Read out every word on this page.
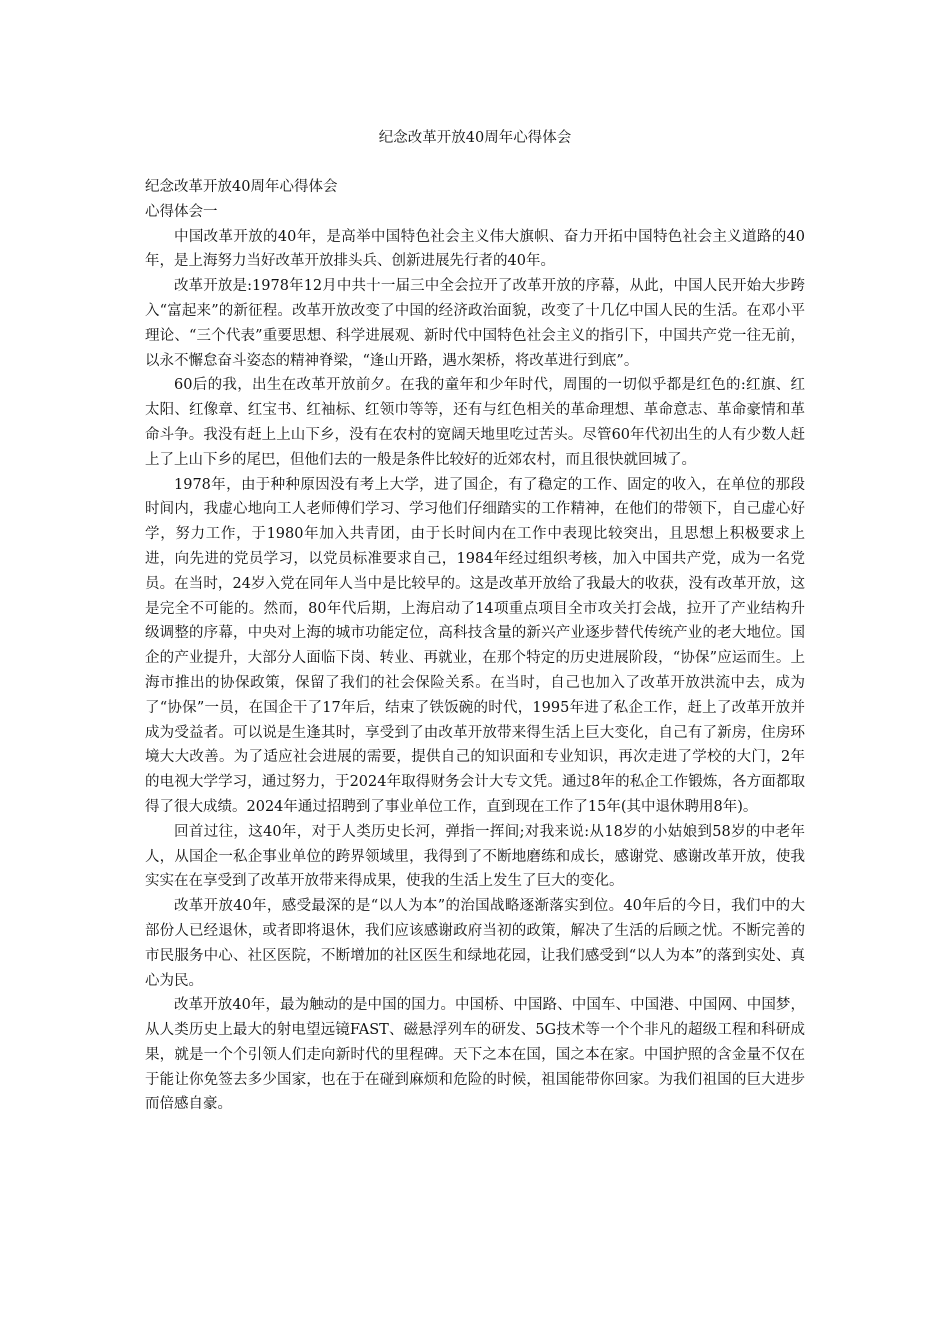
纪念改革开放40周年心得体会

纪念改革开放40周年心得体会

心得体会一

中国改革开放的40年，是高举中国特色社会主义伟大旗帜、奋力开拓中国特色社会主义道路的40年，是上海努力当好改革开放排头兵、创新进展先行者的40年。

改革开放是:1978年12月中共十一届三中全会拉开了改革开放的序幕，从此，中国人民开始大步跨入“富起来”的新征程。改革开放改变了中国的经济政治面貌，改变了十几亿中国人民的生活。在邓小平理论、“三个代表”重要思想、科学进展观、新时代中国特色社会主义的指引下，中国共产党一往无前，以永不懈怠奋斗姿态的精神脊梁，“逢山开路，遇水架桥，将改革进行到底”。

60后的我，出生在改革开放前夕。在我的童年和少年时代，周围的一切似乎都是红色的:红旗、红太阳、红像章、红宝书、红袖标、红领巾等等，还有与红色相关的革命理想、革命意志、革命豪情和革命斗争。我没有赶上上山下乡，没有在农村的宽阔天地里吃过苦头。尽管60年代初出生的人有少数人赶上了上山下乡的尾巴，但他们去的一般是条件比较好的近郊农村，而且很快就回城了。

1978年，由于种种原因没有考上大学，进了国企，有了稳定的工作、固定的收入，在单位的那段时间内，我虚心地向工人老师傅们学习、学习他们仔细踏实的工作精神，在他们的带领下，自己虚心好学，努力工作，于1980年加入共青团，由于长时间内在工作中表现比较突出，且思想上积极要求上进，向先进的党员学习，以党员标准要求自己，1984年经过组织考核，加入中国共产党，成为一名党员。在当时，24岁入党在同年人当中是比较早的。这是改革开放给了我最大的收获，没有改革开放，这是完全不可能的。然而，80年代后期，上海启动了14项重点项目全市攻关打会战，拉开了产业结构升级调整的序幕，中央对上海的城市功能定位，高科技含量的新兴产业逐步替代传统产业的老大地位。国企的产业提升，大部分人面临下岗、转业、再就业，在那个特定的历史进展阶段，“协保”应运而生。上海市推出的协保政策，保留了我们的社会保险关系。在当时，自己也加入了改革开放洪流中去，成为了“协保”一员，在国企干了17年后，结束了铁饭碗的时代，1995年进了私企工作，赶上了改革开放并成为受益者。可以说是生逢其时，享受到了由改革开放带来得生活上巨大变化，自己有了新房，住房环境大大改善。为了适应社会进展的需要，提供自己的知识面和专业知识，再次走进了学校的大门，2年的电视大学学习，通过努力，于2024年取得财务会计大专文凭。通过8年的私企工作锻炼，各方面都取得了很大成绩。2024年通过招聘到了事业单位工作，直到现在工作了15年(其中退休聘用8年)。

回首过往，这40年，对于人类历史长河，弹指一挥间;对我来说:从18岁的小姑娘到58岁的中老年人，从国企一私企事业单位的跨界领域里，我得到了不断地磨练和成长，感谢党、感谢改革开放，使我实实在在享受到了改革开放带来得成果，使我的生活上发生了巨大的变化。

改革开放40年，感受最深的是“以人为本”的治国战略逐渐落实到位。40年后的今日，我们中的大部份人已经退休，或者即将退休，我们应该感谢政府当初的政策，解决了生活的后顾之忧。不断完善的市民服务中心、社区医院，不断增加的社区医生和绿地花园，让我们感受到“以人为本”的落到实处、真心为民。

改革开放40年，最为触动的是中国的国力。中国桥、中国路、中国车、中国港、中国网、中国梦，从人类历史上最大的射电望远镜FAST、磁悬浮列车的研发、5G技术等一个个非凡的超级工程和科研成果，就是一个个引领人们走向新时代的里程碑。天下之本在国，国之本在家。中国护照的含金量不仅在于能让你免签去多少国家，也在于在碰到麻烦和危险的时候，祖国能带你回家。为我们祖国的巨大进步而倍感自豪。
